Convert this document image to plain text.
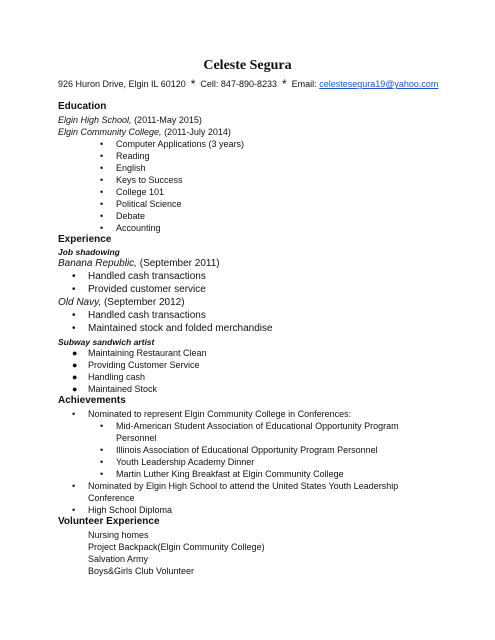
Celeste Segura
926 Huron Drive, Elgin IL 60120 * Cell: 847-890-8233 * Email: celestesegura19@yahoo.com
Education
Elgin High School, (2011-May 2015)
Elgin Community College, (2011-July 2014)
• Computer Applications (3 years)
• Reading
• English
• Keys to Success
• College 101
• Political Science
• Debate
• Accounting
Experience
Job shadowing
Banana Republic, (September 2011)
• Handled cash transactions
• Provided customer service
Old Navy, (September 2012)
• Handled cash transactions
• Maintained stock and folded merchandise
Subway sandwich artist
● Maintaining Restaurant Clean
● Providing Customer Service
● Handling cash
● Maintained Stock
Achievements
• Nominated to represent Elgin Community College in Conferences:
• Mid-American Student Association of Educational Opportunity Program
Personnel
• Illinois Association of Educational Opportunity Program Personnel
• Youth Leadership Academy Dinner
• Martin Luther King Breakfast at Elgin Community College
• Nominated by Elgin High School to attend the United States Youth Leadership
Conference
• High School Diploma
Volunteer Experience
Nursing homes
Project Backpack(Elgin Community College)
Salvation Army
Boys&Girls Club Volunteer
